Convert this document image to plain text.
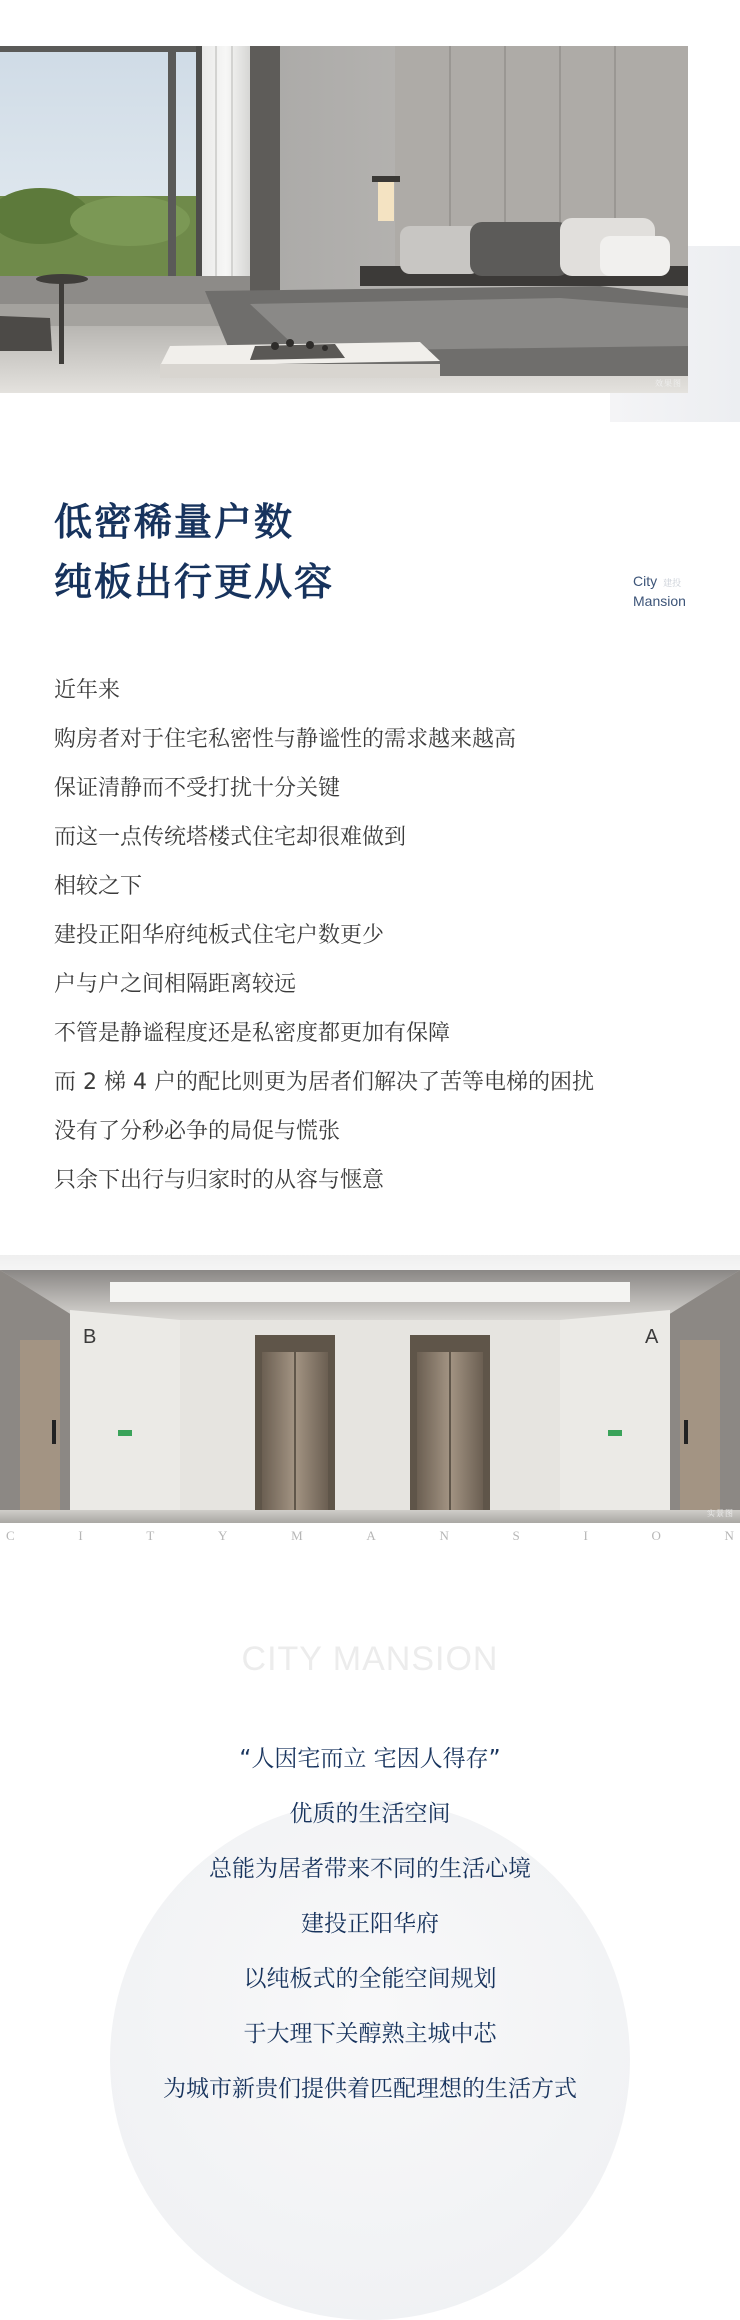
效果图
低密稀量户数
纯板出行更从容	City 建投
Mansion

近年来

购房者对于住宅私密性与静谧性的需求越来越高

保证清静而不受打扰十分关键

而这一点传统塔楼式住宅却很难做到

相较之下

建投正阳华府纯板式住宅户数更少

户与户之间相隔距离较远

不管是静谧程度还是私密度都更加有保障

而 2 梯 4 户的配比则更为居者们解决了苦等电梯的困扰

没有了分秒必争的局促与慌张

只余下出行与归家时的从容与惬意

B	A
实景图
C	I	T	Y	M	A	N	S	I	O	N
CITY MANSION

“人因宅而立 宅因人得存”

优质的生活空间

总能为居者带来不同的生活心境

建投正阳华府

以纯板式的全能空间规划

于大理下关醇熟主城中芯

为城市新贵们提供着匹配理想的生活方式
